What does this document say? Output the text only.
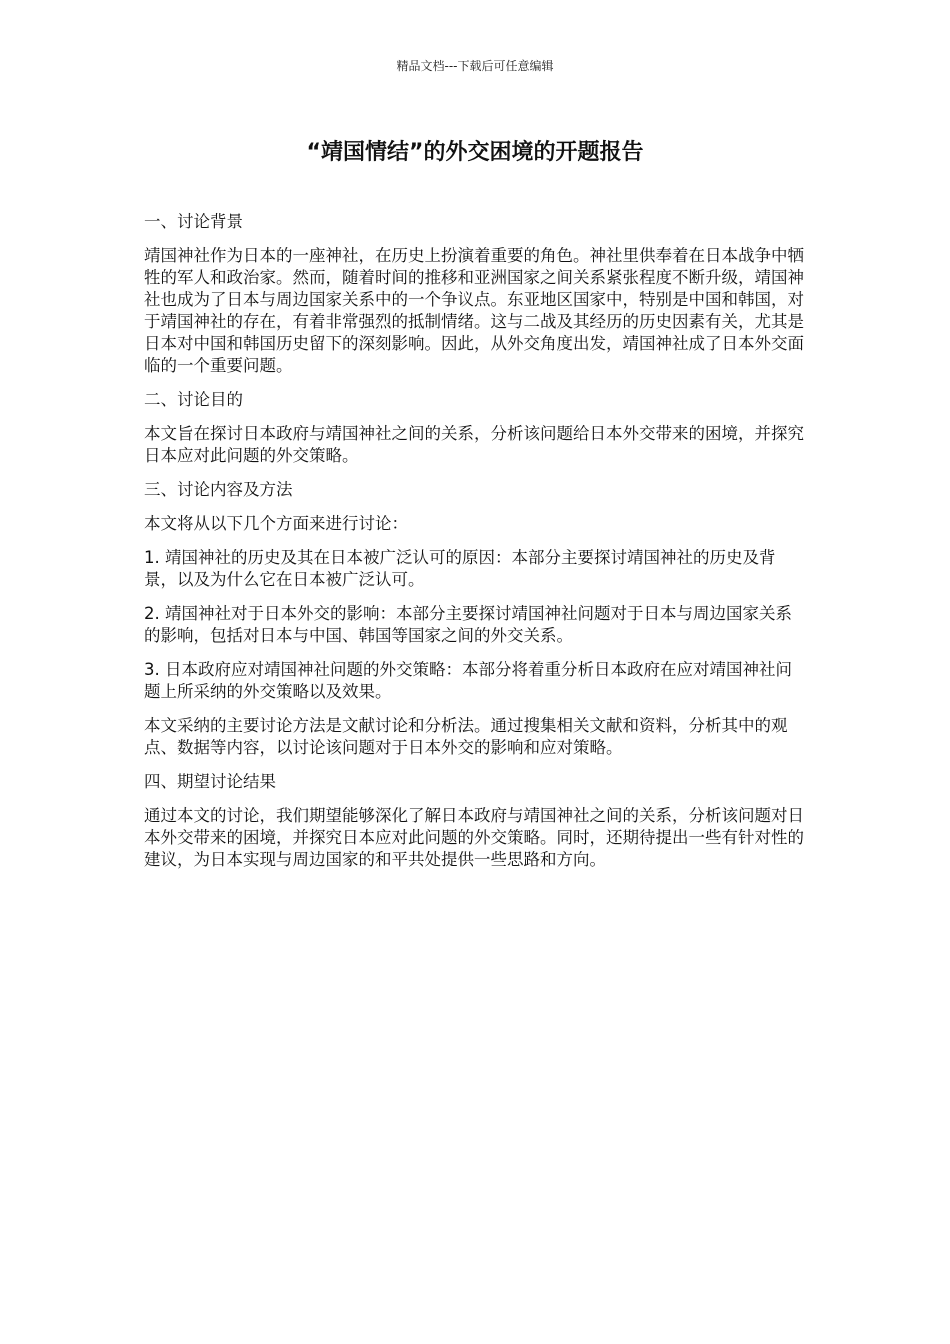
精品文档---下载后可任意编辑
“靖国情结”的外交困境的开题报告

一、讨论背景

靖国神社作为日本的一座神社，在历史上扮演着重要的角色。神社里供奉着在日本战争中牺牲的军人和政治家。然而，随着时间的推移和亚洲国家之间关系紧张程度不断升级，靖国神社也成为了日本与周边国家关系中的一个争议点。东亚地区国家中，特别是中国和韩国，对于靖国神社的存在，有着非常强烈的抵制情绪。这与二战及其经历的历史因素有关，尤其是日本对中国和韩国历史留下的深刻影响。因此，从外交角度出发，靖国神社成了日本外交面临的一个重要问题。

二、讨论目的

本文旨在探讨日本政府与靖国神社之间的关系，分析该问题给日本外交带来的困境，并探究日本应对此问题的外交策略。

三、讨论内容及方法

本文将从以下几个方面来进行讨论：

1. 靖国神社的历史及其在日本被广泛认可的原因：本部分主要探讨靖国神社的历史及背景，以及为什么它在日本被广泛认可。

2. 靖国神社对于日本外交的影响：本部分主要探讨靖国神社问题对于日本与周边国家关系的影响，包括对日本与中国、韩国等国家之间的外交关系。

3. 日本政府应对靖国神社问题的外交策略：本部分将着重分析日本政府在应对靖国神社问题上所采纳的外交策略以及效果。

本文采纳的主要讨论方法是文献讨论和分析法。通过搜集相关文献和资料，分析其中的观点、数据等内容，以讨论该问题对于日本外交的影响和应对策略。

四、期望讨论结果

通过本文的讨论，我们期望能够深化了解日本政府与靖国神社之间的关系，分析该问题对日本外交带来的困境，并探究日本应对此问题的外交策略。同时，还期待提出一些有针对性的建议，为日本实现与周边国家的和平共处提供一些思路和方向。
